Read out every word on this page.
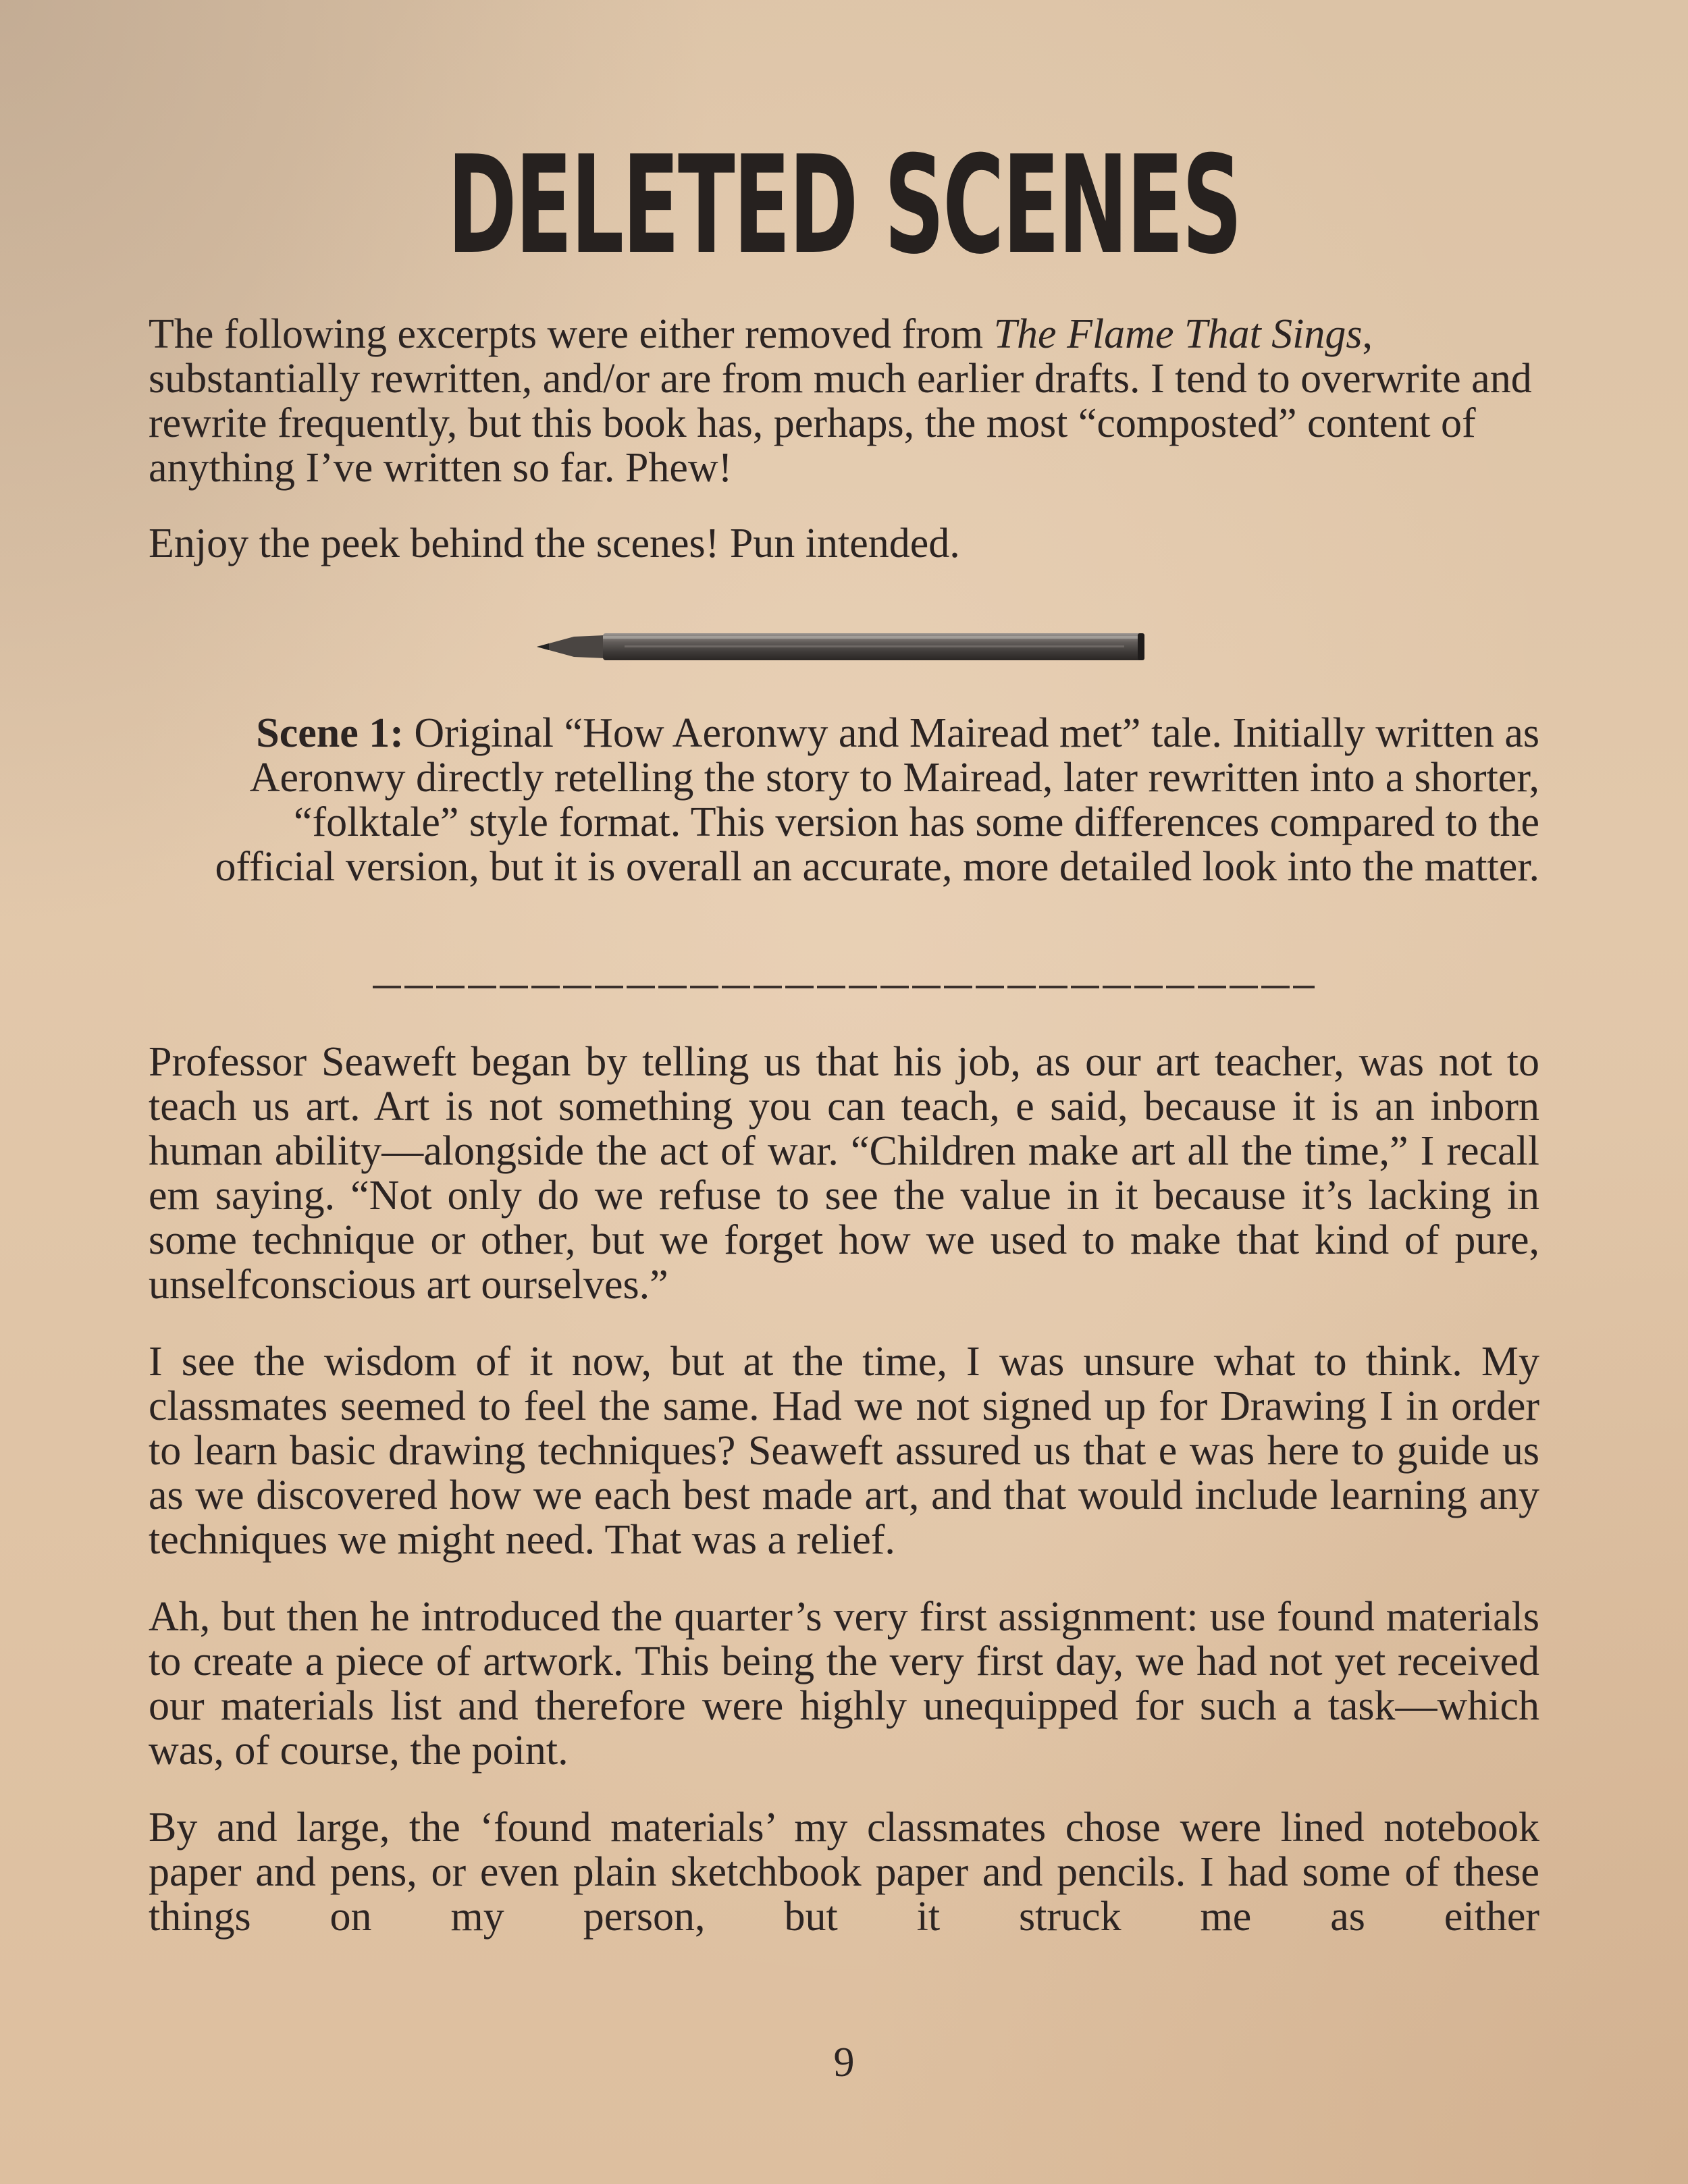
DELETED SCENES

The following excerpts were either removed from The Flame That Sings, substantially rewritten, and/or are from much earlier drafts. I tend to overwrite and rewrite frequently, but this book has, perhaps, the most “composted” content of anything I’ve written so far. Phew!

Enjoy the peek behind the scenes! Pun intended.

Scene 1: Original “How Aeronwy and Mairead met” tale. Initially written as Aeronwy directly retelling the story to Mairead, later rewritten into a shorter, “folktale” style format. This version has some differences compared to the official version, but it is overall an accurate, more detailed look into the matter.

Professor Seaweft began by telling us that his job, as our art teacher, was not to teach us art. Art is not something you can teach, e said, because it is an inborn human ability—alongside the act of war. “Children make art all the time,” I recall em saying. “Not only do we refuse to see the value in it because it’s lacking in some technique or other, but we forget how we used to make that kind of pure, unselfconscious art ourselves.”

I see the wisdom of it now, but at the time, I was unsure what to think. My classmates seemed to feel the same. Had we not signed up for Drawing I in order to learn basic drawing techniques? Seaweft assured us that e was here to guide us as we discovered how we each best made art, and that would include learning any techniques we might need. That was a relief.

Ah, but then he introduced the quarter’s very first assignment: use found materials to create a piece of artwork. This being the very first day, we had not yet received our materials list and therefore were highly unequipped for such a task—which was, of course, the point.

By and large, the ‘found materials’ my classmates chose were lined notebook paper and pens, or even plain sketchbook paper and pencils. I had some of these things on my person, but it struck me as either

9
